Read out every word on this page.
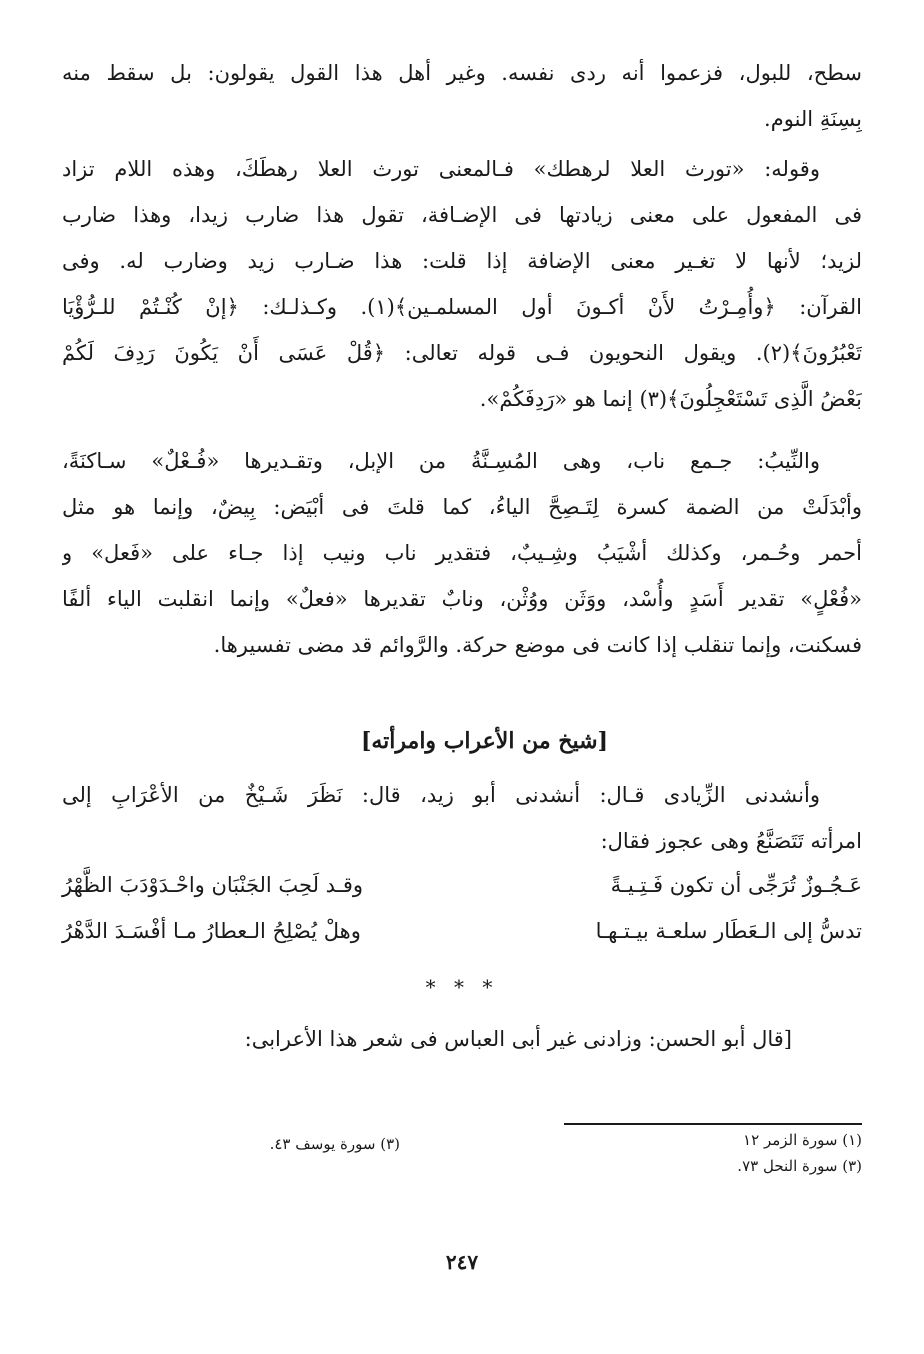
سطح، للبول، فزعموا أنه ردى نفسه. وغير أهل هذا القول يقولون: بل سقط منه
بِسِنَةِ النوم.
وقوله: «تورث العلا لرهطك» فـالمعنى تورث العلا رهطَكَ، وهذه اللام تزاد
فى المفعول على معنى زيادتها فى الإضـافة، تقول هذا ضارب زيدا، وهذا ضارب
لزيد؛ لأنها لا تغـير معنى الإضافة إذا قلت: هذا ضـارب زيد وضارب له. وفى
القرآن: ﴿وأُمِـرْتُ لأَنْ أكـونَ أول المسلمـين﴾(١). وكـذلـك: ﴿إنْ كُنْـتُمْ للـرُّؤْيَا
تَعْبُرُونَ﴾(٢). ويقول النحويون فـى قوله تعالى: ﴿قُلْ عَسَى أَنْ يَكُونَ رَدِفَ لَكُمْ
بَعْضُ الَّذِى تَسْتَعْجِلُونَ﴾(٣) إنما هو «رَدِفَكُمْ».
والنِّيبُ: جـمع ناب، وهى المُسِـنَّةُ من الإبل، وتقـديرها «فُـعْلٌ» سـاكنَةً،
وأبْدَلَتْ من الضمة كسرة لِتَـصِحَّ الياءُ، كما قلتَ فى أبْيَض: بِيضٌ، وإنما هو مثل
أحمر وحُـمر، وكذلك أشْيَبُ وشِـيبٌ، فتقدير ناب ونيب إذا جـاء على «فَعل» و
«فُعْلٍ» تقدير أَسَدٍ وأُسْد، ووَثَن ووُثْن، ونابٌ تقديرها «فعلٌ» وإنما انقلبت الياء ألفًا
فسكنت، وإنما تنقلب إذا كانت فى موضع حركة. والرَّوائم قد مضى تفسيرها.
[شيخ من الأعراب وامرأته]
وأنشدنى الزِّيادى قـال: أنشدنى أبو زيد، قال: نَظَرَ شَـيْخٌ من الأعْرَابِ إلى
امرأته تَتَصَنَّعُ وهى عجوز فقال:
عَـجُـوزٌ تُرَجِّى أن تكون فَـتِـيـةً
وقـد لَحِبَ الجَنْبَان واحْـدَوْدَبَ الظَّهْرُ
تدسُّ إلى الـعَطَار سلعـة بيـتـهـا
وهلْ يُصْلِحُ الـعطارُ مـا أفْسَـدَ الدَّهْرُ
* * *
[قال أبو الحسن: وزادنى غير أبى العباس فى شعر هذا الأعرابى:
(١) سورة الزمر ١٢
(٣) سورة النحل ٧٣.
(٣) سورة يوسف ٤٣.
٢٤٧
